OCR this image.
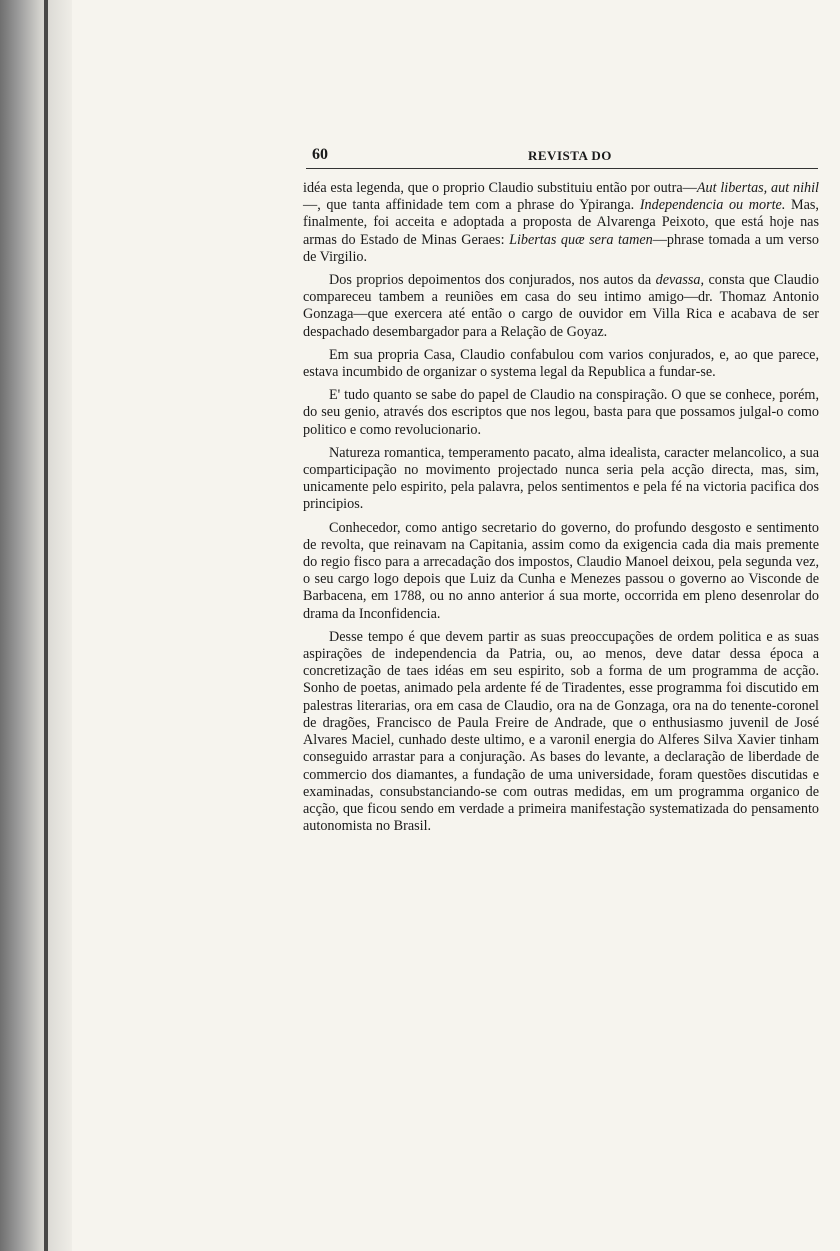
60	REVISTA DO

idéa esta legenda, que o proprio Claudio substituiu então por outra—Aut libertas, aut nihil—, que tanta affinidade tem com a phrase do Ypiranga. Independencia ou morte. Mas, finalmente, foi acceita e adoptada a proposta de Alvarenga Peixoto, que está hoje nas armas do Estado de Minas Geraes: Libertas quæ sera tamen—phrase tomada a um verso de Virgilio.

Dos proprios depoimentos dos conjurados, nos autos da devassa, consta que Claudio compareceu tambem a reuniões em casa do seu intimo amigo—dr. Thomaz Antonio Gonzaga—que exercera até então o cargo de ouvidor em Villa Rica e acabava de ser despachado desembargador para a Relação de Goyaz.

Em sua propria Casa, Claudio confabulou com varios conjurados, e, ao que parece, estava incumbido de organizar o systema legal da Republica a fundar-se.

E' tudo quanto se sabe do papel de Claudio na conspiração. O que se conhece, porém, do seu genio, através dos escriptos que nos legou, basta para que possamos julgal-o como politico e como revolucionario.

Natureza romantica, temperamento pacato, alma idealista, caracter melancolico, a sua comparticipação no movimento projectado nunca seria pela acção directa, mas, sim, unicamente pelo espirito, pela palavra, pelos sentimentos e pela fé na victoria pacifica dos principios.

Conhecedor, como antigo secretario do governo, do profundo desgosto e sentimento de revolta, que reinavam na Capitania, assim como da exigencia cada dia mais premente do regio fisco para a arrecadação dos impostos, Claudio Manoel deixou, pela segunda vez, o seu cargo logo depois que Luiz da Cunha e Menezes passou o governo ao Visconde de Barbacena, em 1788, ou no anno anterior á sua morte, occorrida em pleno desenrolar do drama da Inconfidencia.

Desse tempo é que devem partir as suas preoccupações de ordem politica e as suas aspirações de independencia da Patria, ou, ao menos, deve datar dessa época a concretização de taes idéas em seu espirito, sob a forma de um programma de acção. Sonho de poetas, animado pela ardente fé de Tiradentes, esse programma foi discutido em palestras literarias, ora em casa de Claudio, ora na de Gonzaga, ora na do tenente-coronel de dragões, Francisco de Paula Freire de Andrade, que o enthusiasmo juvenil de José Alvares Maciel, cunhado deste ultimo, e a varonil energia do Alferes Silva Xavier tinham conseguido arrastar para a conjuração. As bases do levante, a declaração de liberdade de commercio dos diamantes, a fundação de uma universidade, foram questões discutidas e examinadas, consubstanciando-se com outras medidas, em um programma organico de acção, que ficou sendo em verdade a primeira manifestação systematizada do pensamento autonomista no Brasil.
